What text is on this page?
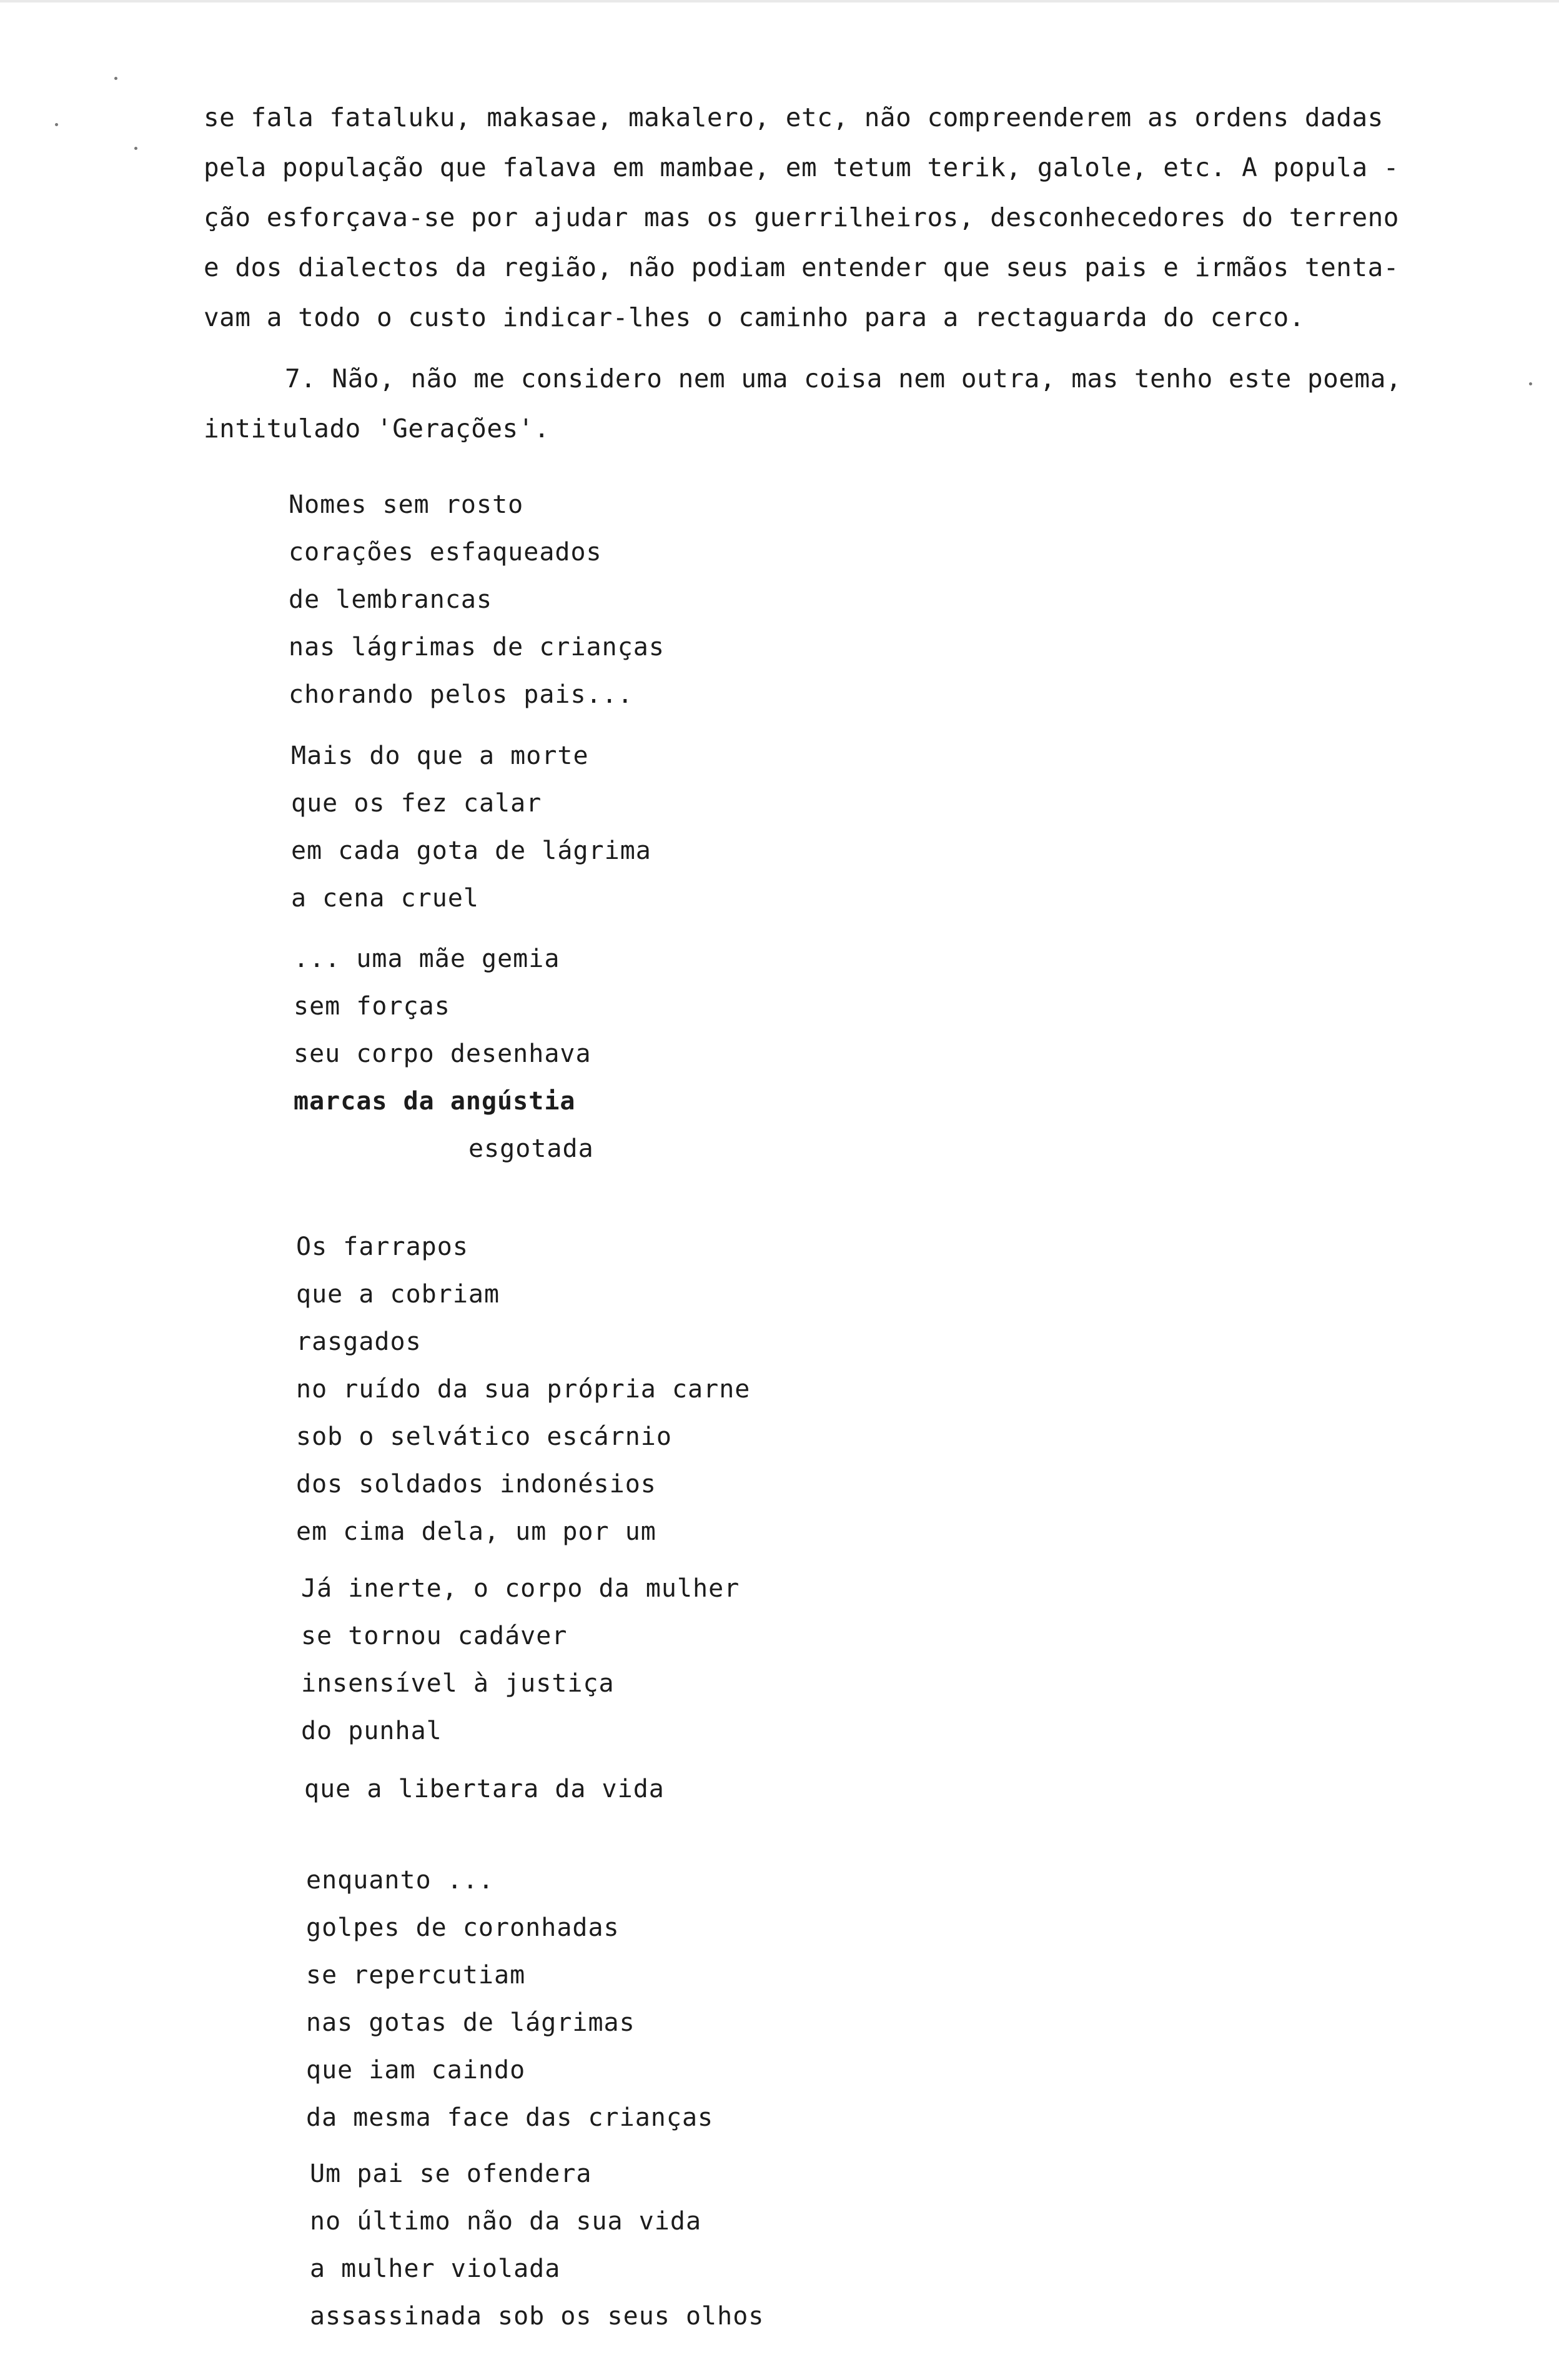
se fala fataluku, makasae, makalero, etc, não compreenderem as ordens dadas

pela população que falava em mambae, em tetum terik, galole, etc. A popula -

ção esforçava-se por ajudar mas os guerrilheiros, desconhecedores do terreno

e dos dialectos da região, não podiam entender que seus pais e irmãos tenta-

vam a todo o custo indicar-lhes o caminho para a rectaguarda do cerco.

7. Não, não me considero nem uma coisa nem outra, mas tenho este poema,

intitulado 'Gerações'.

Nomes sem rosto
corações esfaqueados
de lembrancas
nas lágrimas de crianças
chorando pelos pais...
Mais do que a morte
que os fez calar
em cada gota de lágrima
a cena cruel
... uma mãe gemia
sem forças
seu corpo desenhava
marcas da angústia
esgotada
Os farrapos
que a cobriam
rasgados
no ruído da sua própria carne
sob o selvático escárnio
dos soldados indonésios
em cima dela, um por um
Já inerte, o corpo da mulher
se tornou cadáver
insensível à justiça
do punhal
que a libertara da vida
enquanto ...
golpes de coronhadas
se repercutiam
nas gotas de lágrimas
que iam caindo
da mesma face das crianças
Um pai se ofendera
no último não da sua vida
a mulher violada
assassinada sob os seus olhos
